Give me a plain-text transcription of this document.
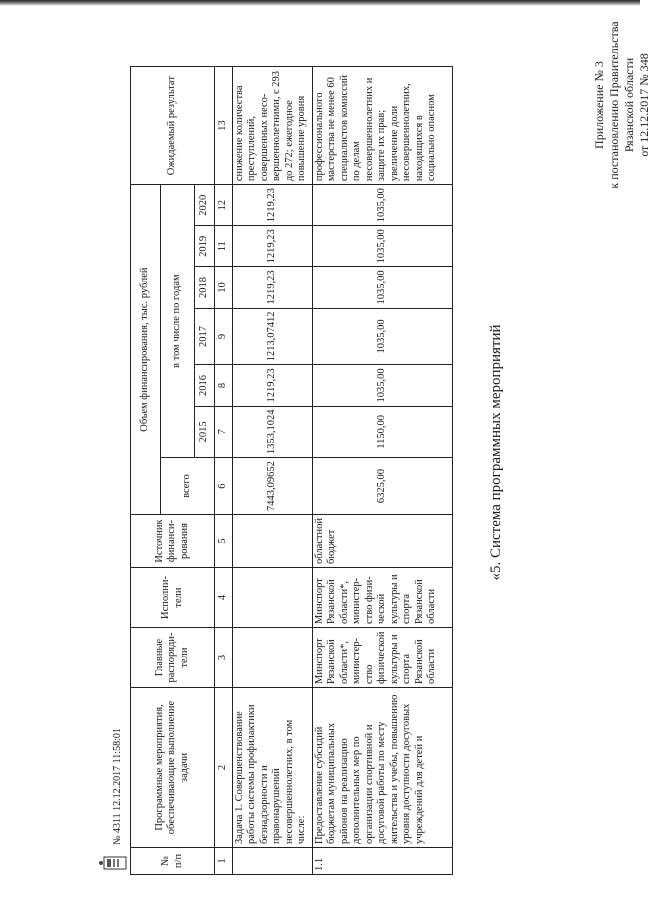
Приложение № 3 к постановлению Правительства Рязанской области от 12.12.2017 № 348
«5. Система программных мероприятий
№ п/п	Программные мероприятия, обеспечивающие выполнение задачи	Главные распоряди-тели	Исполни-тели	Источник финанси-рования	Объем финансирования, тыс. рублей							Ожидаемый результат
					всего	в том числе по годам						
						2015	2016	2017	2018	2019	2020	
1	2	3	4	5	6	7	8	9	10	11	12	13
	Задача 1. Совершенствование работы системы профилактики безнадзорности и правонарушений несовершеннолетних, в том числе:				7443,09652	1353,1024	1219,23	1213,07412	1219,23	1219,23	1219,23	снижение количества преступлений, совершенных несо-вершеннолетними, с 293 до 272; ежегодное повышение уровня
1.1	Предоставление субсидий бюджетам муниципальных районов на реализацию дополнительных мер по организации спортивной и досуговой работы по месту жительства и учебы, повышению уровня доступности досуговых учреждений для детей и	Минспорт Рязанской области*, министер-ство физической культуры и спорта Рязанской области	Минспорт Рязанской области*, министер-ство физи-ческой культуры и спорта Рязанской области	областной бюджет	6325,00	1150,00	1035,00	1035,00	1035,00	1035,00	1035,00	профессионального мастерства не менее 60 специалистов комиссий по делам несовершеннолетних и защите их прав; увеличение доли несовершеннолетних, находящихся в социально опасном
№ 4311 12.12.2017 11:58:01
